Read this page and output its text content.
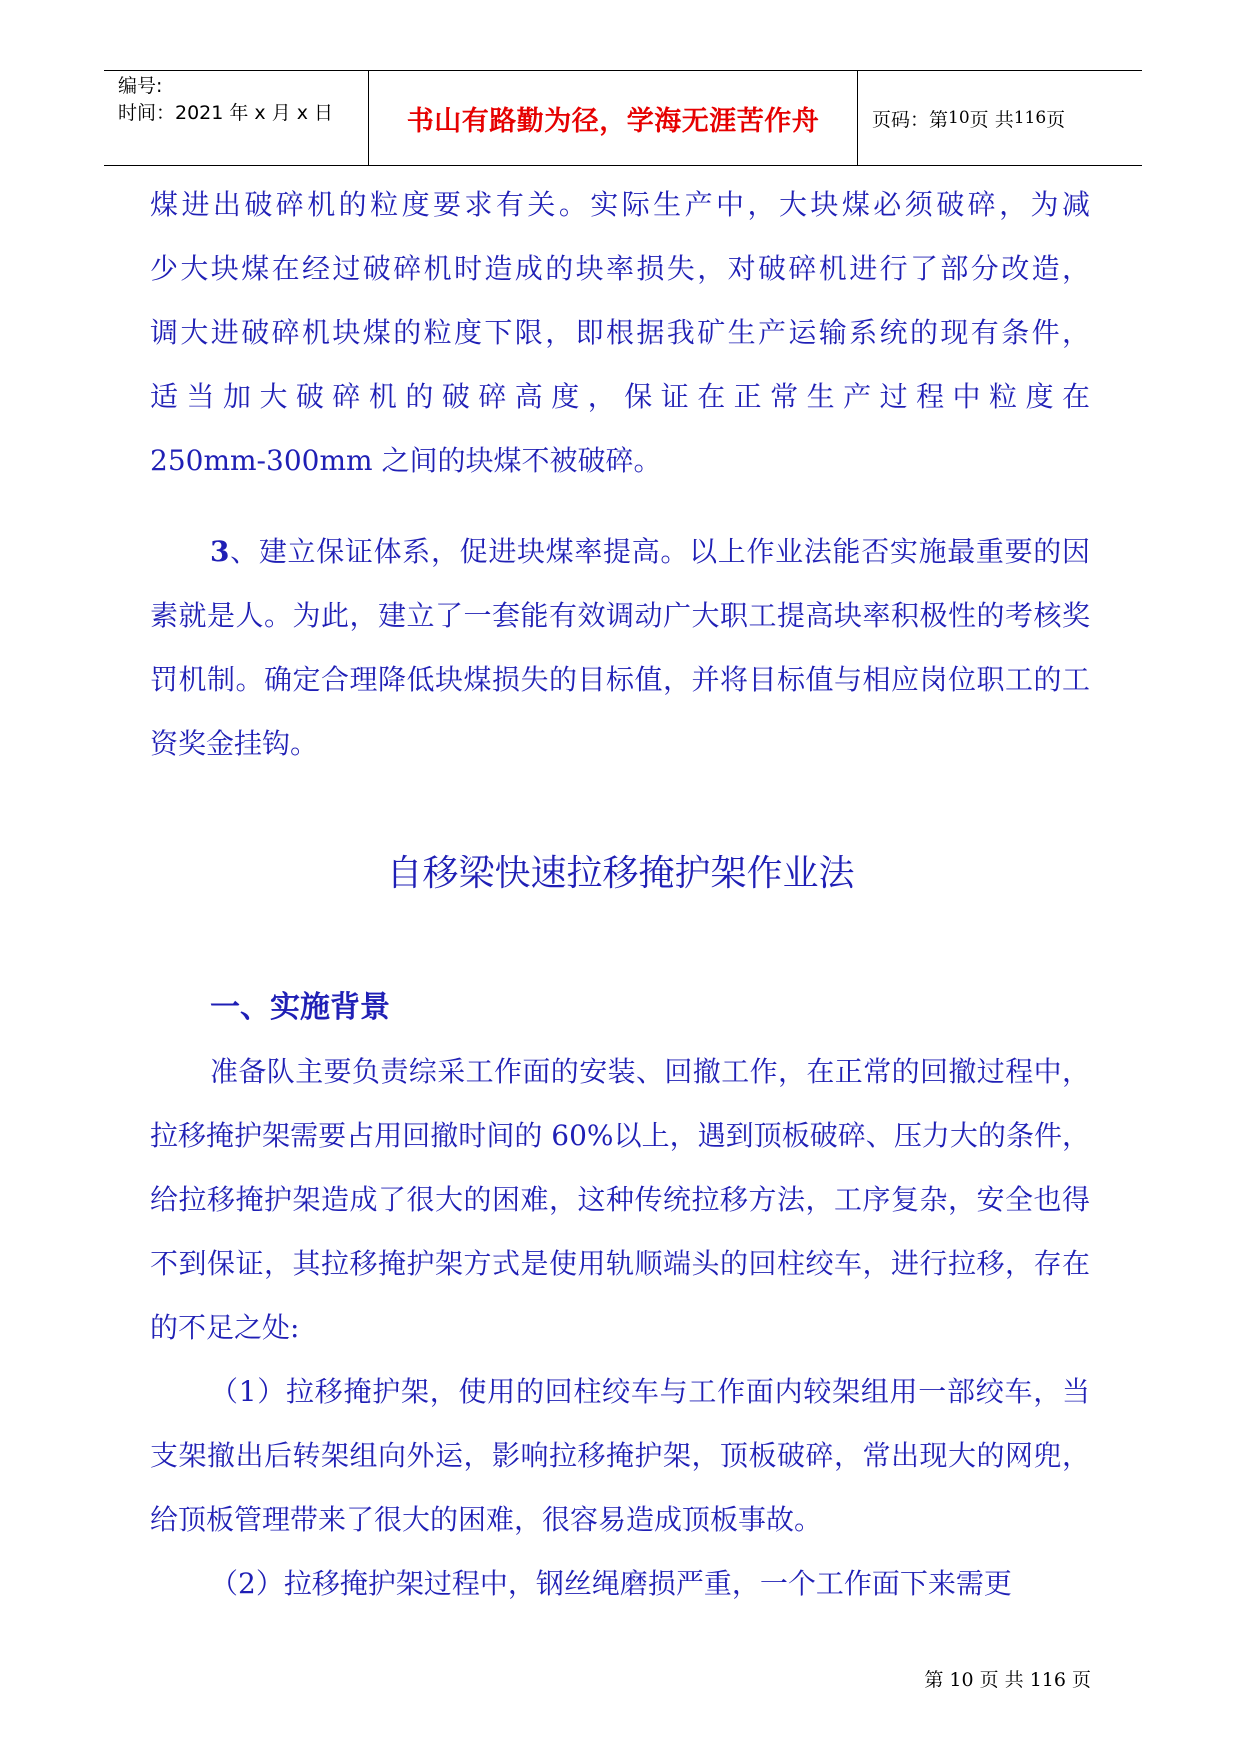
编号:
时间：2021 年 x 月 x 日	书山有路勤为径，学海无涯苦作舟	页码：第 10 页 共 116 页
煤进出破碎机的粒度要求有关。实际生产中，大块煤必须破碎，为减
少大块煤在经过破碎机时造成的块率损失，对破碎机进行了部分改造，
调大进破碎机块煤的粒度下限，即根据我矿生产运输系统的现有条件，
适当加大破碎机的破碎高度，保证在正常生产过程中粒度在
250mm-300mm 之间的块煤不被破碎。

3、建立保证体系，促进块煤率提高。以上作业法能否实施最重要的因素就是人。为此，建立了一套能有效调动广大职工提高块率积极性的考核奖罚机制。确定合理降低块煤损失的目标值，并将目标值与相应岗位职工的工资奖金挂钩。

自移梁快速拉移掩护架作业法
一、实施背景

准备队主要负责综采工作面的安装、回撤工作，在正常的回撤过程中，拉移掩护架需要占用回撤时间的 60%以上，遇到顶板破碎、压力大的条件，给拉移掩护架造成了很大的困难，这种传统拉移方法，工序复杂，安全也得不到保证，其拉移掩护架方式是使用轨顺端头的回柱绞车，进行拉移，存在的不足之处:

（1）拉移掩护架，使用的回柱绞车与工作面内较架组用一部绞车，当支架撤出后转架组向外运，影响拉移掩护架，顶板破碎，常出现大的网兜，给顶板管理带来了很大的困难，很容易造成顶板事故。

（2）拉移掩护架过程中，钢丝绳磨损严重，一个工作面下来需更

第 10 页 共 116 页
